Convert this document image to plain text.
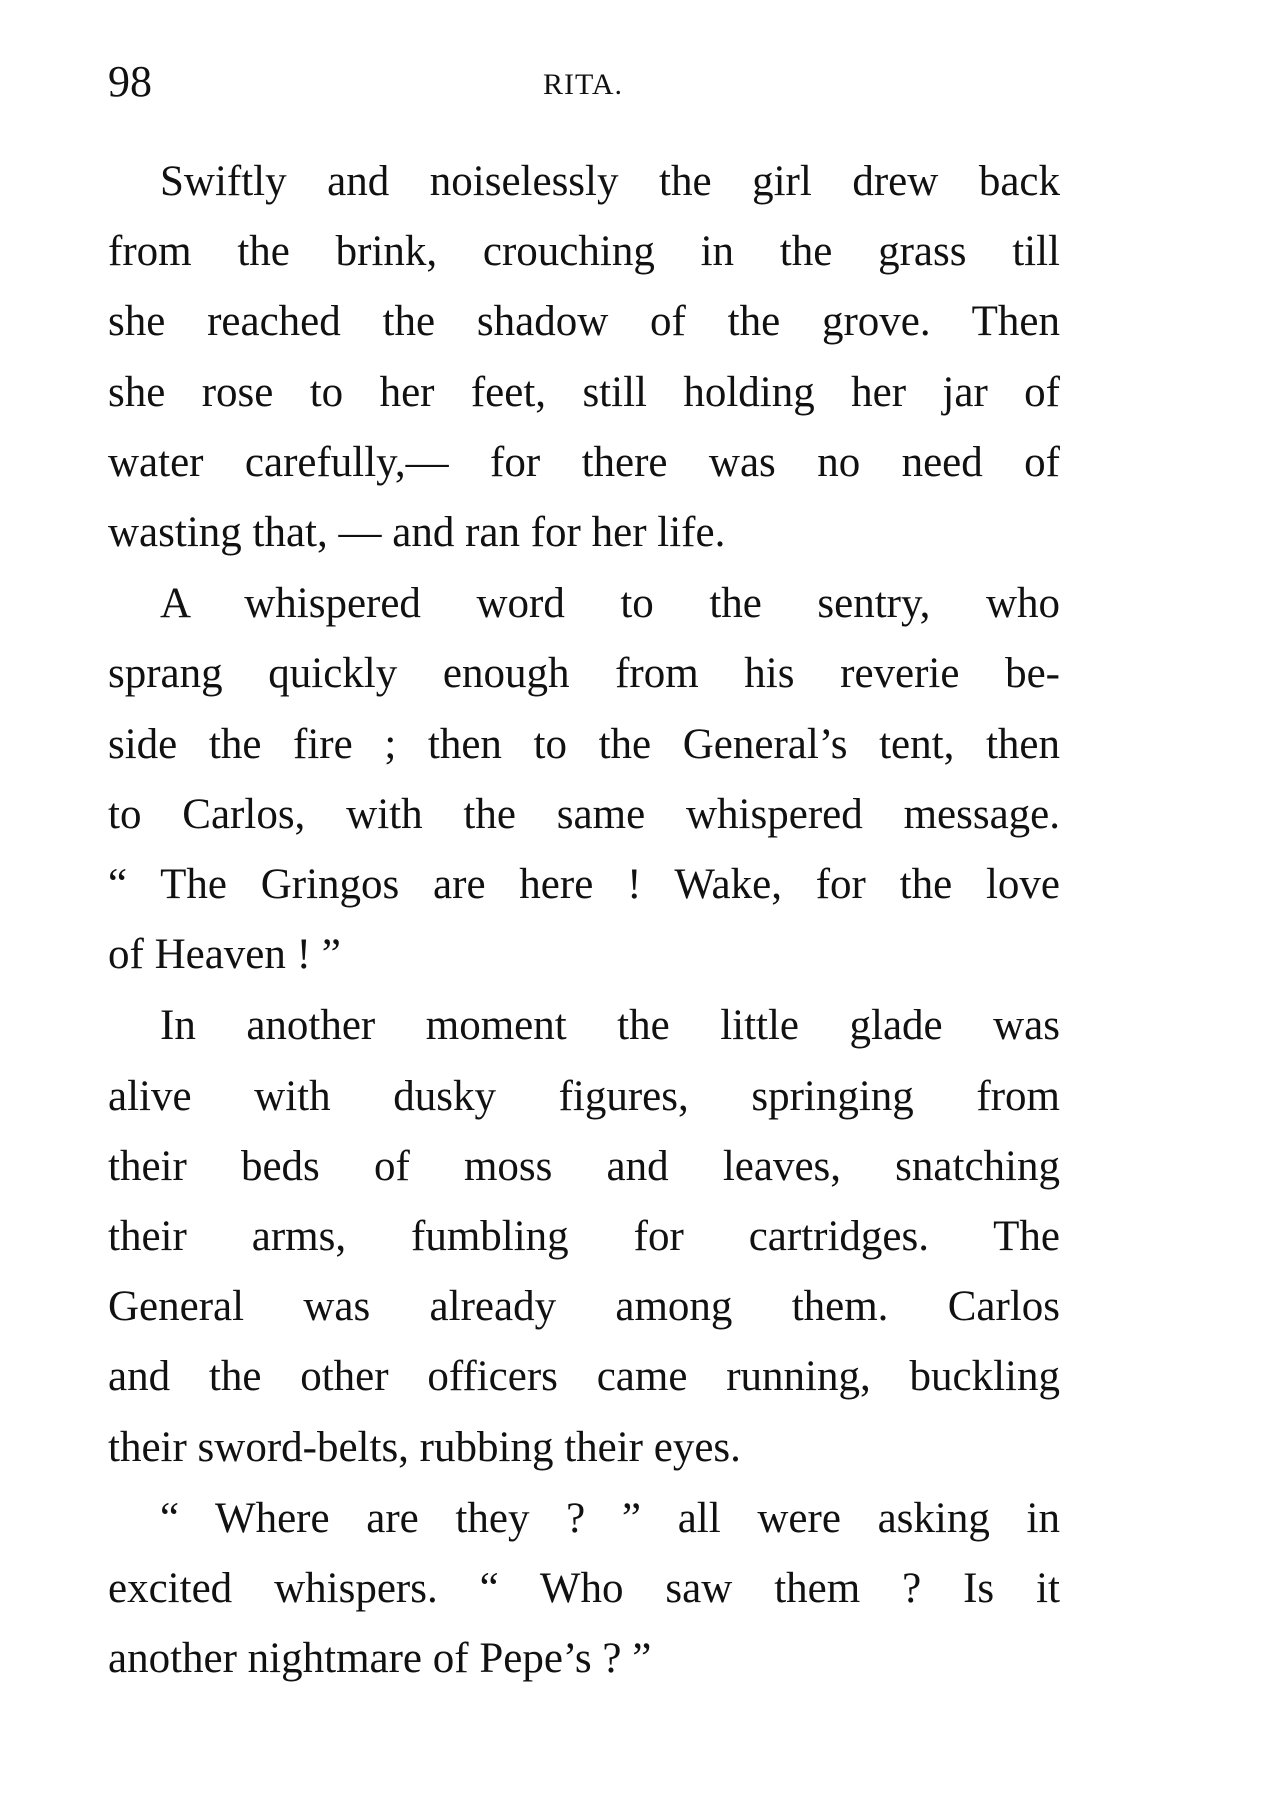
98	RITA.

Swiftly and noiselessly the girl drew back
from the brink, crouching in the grass till
she reached the shadow of the grove. Then
she rose to her feet, still holding her jar of
water carefully,— for there was no need of
wasting that, — and ran for her life.

A whispered word to the sentry, who
sprang quickly enough from his reverie be-
side the fire ; then to the General’s tent, then
to Carlos, with the same whispered message.
“ The Gringos are here ! Wake, for the love
of Heaven ! ”

In another moment the little glade was
alive with dusky figures, springing from
their beds of moss and leaves, snatching
their arms, fumbling for cartridges. The
General was already among them. Carlos
and the other officers came running, buckling
their sword-belts, rubbing their eyes.

“ Where are they ? ” all were asking in
excited whispers. “ Who saw them ? Is it
another nightmare of Pepe’s ? ”
